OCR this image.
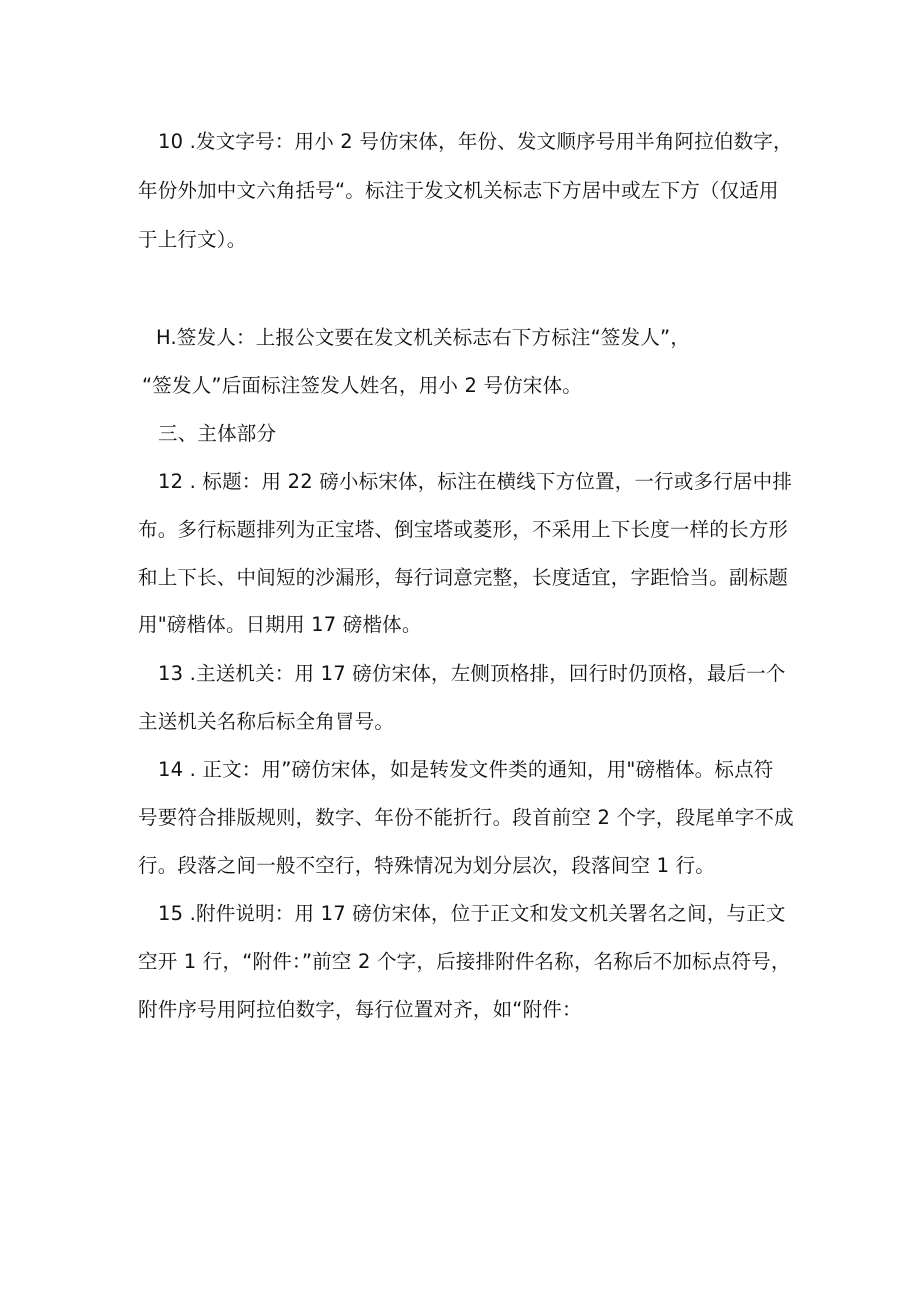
10 .发文字号：用小 2 号仿宋体，年份、发文顺序号用半角阿拉伯数字，
年份外加中文六角括号“。标注于发文机关标志下方居中或左下方（仅适用
于上行文）。
H.签发人：上报公文要在发文机关标志右下方标注“签发人”，
“签发人”后面标注签发人姓名，用小 2 号仿宋体。
三、主体部分
12 . 标题：用 22 磅小标宋体，标注在横线下方位置，一行或多行居中排
布。多行标题排列为正宝塔、倒宝塔或菱形，不采用上下长度一样的长方形
和上下长、中间短的沙漏形，每行词意完整，长度适宜，字距恰当。副标题
用"磅楷体。日期用 17 磅楷体。
13 .主送机关：用 17 磅仿宋体，左侧顶格排，回行时仍顶格，最后一个
主送机关名称后标全角冒号。
14 . 正文：用”磅仿宋体，如是转发文件类的通知，用"磅楷体。标点符
号要符合排版规则，数字、年份不能折行。段首前空 2 个字，段尾单字不成
行。段落之间一般不空行，特殊情况为划分层次，段落间空 1 行。
15 .附件说明：用 17 磅仿宋体，位于正文和发文机关署名之间，与正文
空开 1 行，“附件：”前空 2 个字，后接排附件名称，名称后不加标点符号，
附件序号用阿拉伯数字，每行位置对齐，如“附件：
